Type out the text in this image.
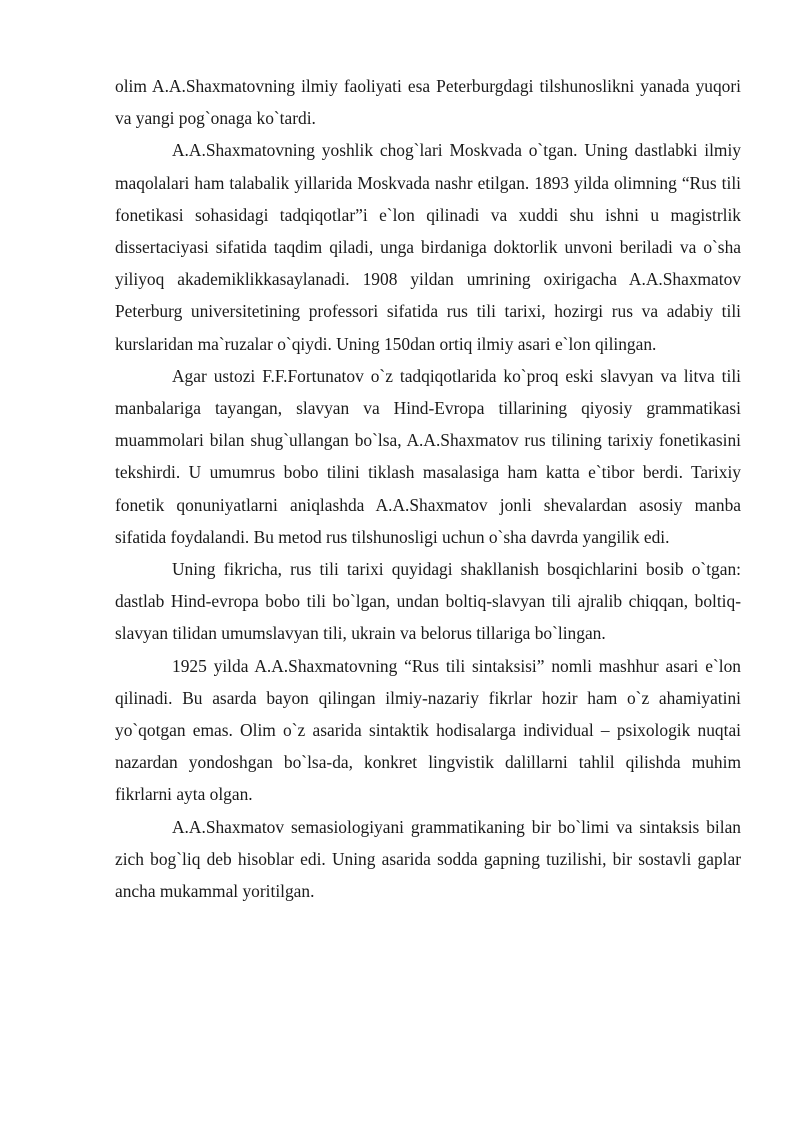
olim A.A.Shaxmatovning ilmiy faoliyati esa Peterburgdagi tilshunoslikni yanada yuqori va yangi pog`onaga ko`tardi.

A.A.Shaxmatovning yoshlik chog`lari Moskvada o`tgan. Uning dastlabki ilmiy maqolalari ham talabalik yillarida Moskvada nashr etilgan. 1893 yilda olimning “Rus tili fonetikasi sohasidagi tadqiqotlar”i e`lon qilinadi va xuddi shu ishni u magistrlik dissertaciyasi sifatida taqdim qiladi, unga birdaniga doktorlik unvoni beriladi va o`sha yiliyoq akademiklikkasaylanadi. 1908 yildan umrining oxirigacha A.A.Shaxmatov Peterburg universitetining professori sifatida rus tili tarixi, hozirgi rus va adabiy tili kurslaridan ma`ruzalar o`qiydi. Uning 150dan ortiq ilmiy asari e`lon qilingan.

Agar ustozi F.F.Fortunatov o`z tadqiqotlarida ko`proq eski slavyan va litva tili manbalariga tayangan, slavyan va Hind-Evropa tillarining qiyosiy grammatikasi muammolari bilan shug`ullangan bo`lsa, A.A.Shaxmatov rus tilining tarixiy fonetikasini tekshirdi. U umumrus bobo tilini tiklash masalasiga ham katta e`tibor berdi. Tarixiy fonetik qonuniyatlarni aniqlashda A.A.Shaxmatov jonli shevalardan asosiy manba sifatida foydalandi. Bu metod rus tilshunosligi uchun o`sha davrda yangilik edi.

Uning fikricha, rus tili tarixi quyidagi shakllanish bosqichlarini bosib o`tgan: dastlab Hind-evropa bobo tili bo`lgan, undan boltiq-slavyan tili ajralib chiqqan, boltiq-slavyan tilidan umumslavyan tili, ukrain va belorus tillariga bo`lingan.

1925 yilda A.A.Shaxmatovning “Rus tili sintaksisi” nomli mashhur asari e`lon qilinadi. Bu asarda bayon qilingan ilmiy-nazariy fikrlar hozir ham o`z ahamiyatini yo`qotgan emas. Olim o`z asarida sintaktik hodisalarga individual – psixologik nuqtai nazardan yondoshgan bo`lsa-da, konkret lingvistik dalillarni tahlil qilishda muhim fikrlarni ayta olgan.

A.A.Shaxmatov semasiologiyani grammatikaning bir bo`limi va sintaksis bilan zich bog`liq deb hisoblar edi. Uning asarida sodda gapning tuzilishi, bir sostavli gaplar ancha mukammal yoritilgan.
